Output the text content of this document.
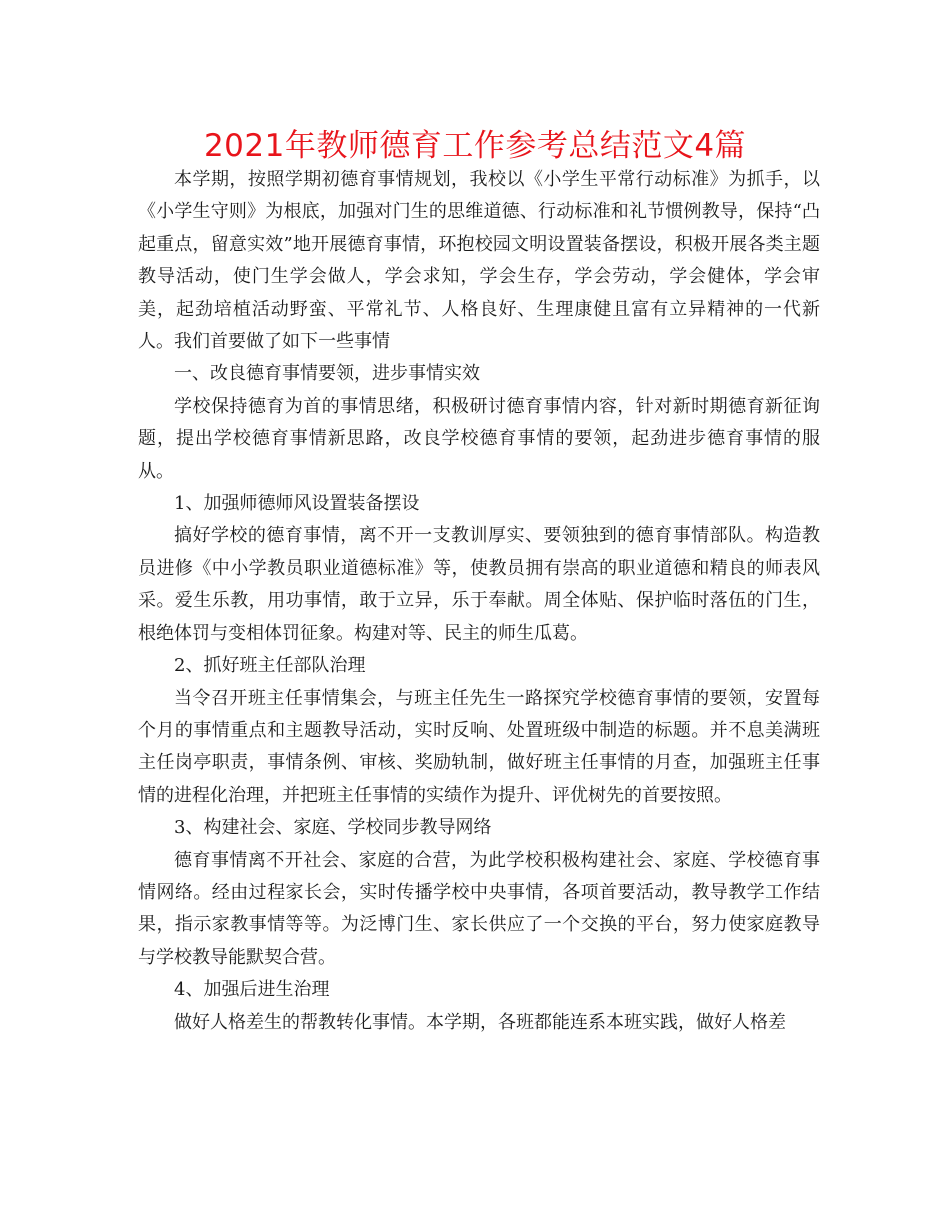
2021年教师德育工作参考总结范文4篇

本学期，按照学期初德育事情规划，我校以《小学生平常行动标准》为抓手，以《小学生守则》为根底，加强对门生的思维道德、行动标准和礼节惯例教导，保持“凸起重点，留意实效”地开展德育事情，环抱校园文明设置装备摆设，积极开展各类主题教导活动，使门生学会做人，学会求知，学会生存，学会劳动，学会健体，学会审美，起劲培植活动野蛮、平常礼节、人格良好、生理康健且富有立异精神的一代新人。我们首要做了如下一些事情

一、改良德育事情要领，进步事情实效

学校保持德育为首的事情思绪，积极研讨德育事情内容，针对新时期德育新征询题，提出学校德育事情新思路，改良学校德育事情的要领，起劲进步德育事情的服从。

1、加强师德师风设置装备摆设

搞好学校的德育事情，离不开一支教训厚实、要领独到的德育事情部队。构造教员进修《中小学教员职业道德标准》等，使教员拥有崇高的职业道德和精良的师表风采。爱生乐教，用功事情，敢于立异，乐于奉献。周全体贴、保护临时落伍的门生，根绝体罚与变相体罚征象。构建对等、民主的师生瓜葛。

2、抓好班主任部队治理

当令召开班主任事情集会，与班主任先生一路探究学校德育事情的要领，安置每个月的事情重点和主题教导活动，实时反响、处置班级中制造的标题。并不息美满班主任岗亭职责，事情条例、审核、奖励轨制，做好班主任事情的月查，加强班主任事情的进程化治理，并把班主任事情的实绩作为提升、评优树先的首要按照。

3、构建社会、家庭、学校同步教导网络

德育事情离不开社会、家庭的合营，为此学校积极构建社会、家庭、学校德育事情网络。经由过程家长会，实时传播学校中央事情，各项首要活动，教导教学工作结果，指示家教事情等等。为泛博门生、家长供应了一个交换的平台，努力使家庭教导与学校教导能默契合营。

4、加强后进生治理

做好人格差生的帮教转化事情。本学期，各班都能连系本班实践，做好人格差
